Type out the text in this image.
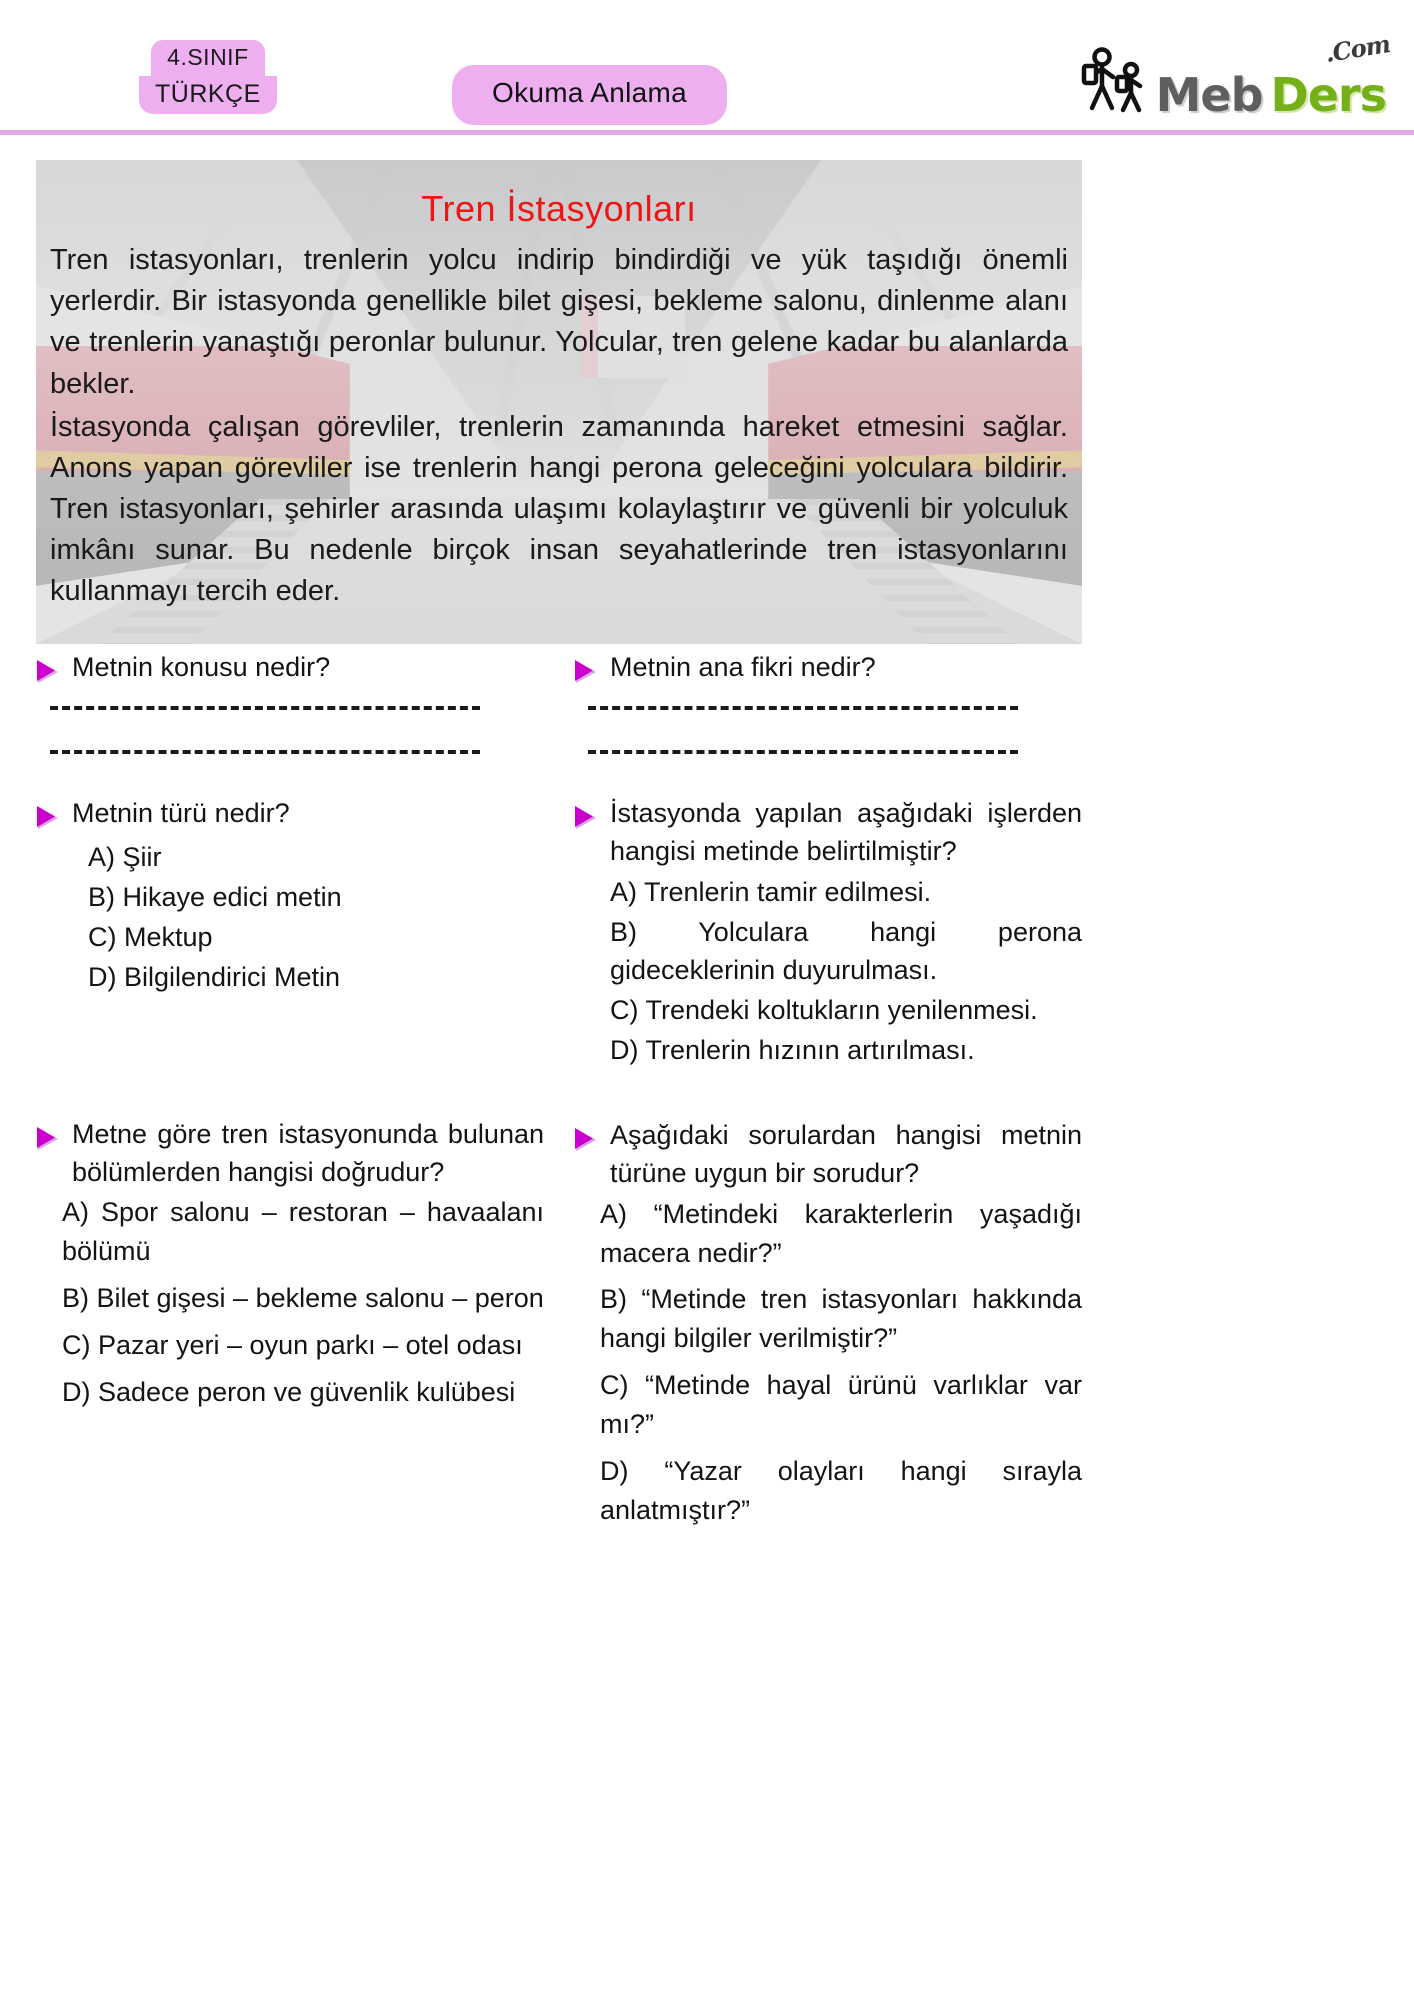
4.SINIF
TÜRKÇE	Okuma Anlama	Meb Ders
.Com
Tren İstasyonları

Tren istasyonları, trenlerin yolcu indirip bindirdiği ve yük taşıdığı önemli yerlerdir. Bir istasyonda genellikle bilet gişesi, bekleme salonu, dinlenme alanı ve trenlerin yanaştığı peronlar bulunur. Yolcular, tren gelene kadar bu alanlarda bekler.

İstasyonda çalışan görevliler, trenlerin zamanında hareket etmesini sağlar. Anons yapan görevliler ise trenlerin hangi perona geleceğini yolculara bildirir. Tren istasyonları, şehirler arasında ulaşımı kolaylaştırır ve güvenli bir yolculuk imkânı sunar. Bu nedenle birçok insan seyahatlerinde tren istasyonlarını kullanmayı tercih eder.

Metnin konusu nedir?
Metnin türü nedir?
A) Şiir
B) Hikaye edici metin
C) Mektup
D) Bilgilendirici Metin
Metne göre tren istasyonunda bulunan bölümlerden hangisi doğrudur?
A) Spor salonu – restoran – havaalanı bölümü
B) Bilet gişesi – bekleme salonu – peron
C) Pazar yeri – oyun parkı – otel odası
D) Sadece peron ve güvenlik kulübesi
Metnin ana fikri nedir?
İstasyonda yapılan aşağıdaki işlerden hangisi metinde belirtilmiştir?
A) Trenlerin tamir edilmesi.
B) Yolculara hangi perona gideceklerinin duyurulması.
C) Trendeki koltukların yenilenmesi.
D) Trenlerin hızının artırılması.
Aşağıdaki sorulardan hangisi metnin türüne uygun bir sorudur?
A) “Metindeki karakterlerin yaşadığı macera nedir?”
B) “Metinde tren istasyonları hakkında hangi bilgiler verilmiştir?”
C) “Metinde hayal ürünü varlıklar var mı?”
D) “Yazar olayları hangi sırayla anlatmıştır?”
